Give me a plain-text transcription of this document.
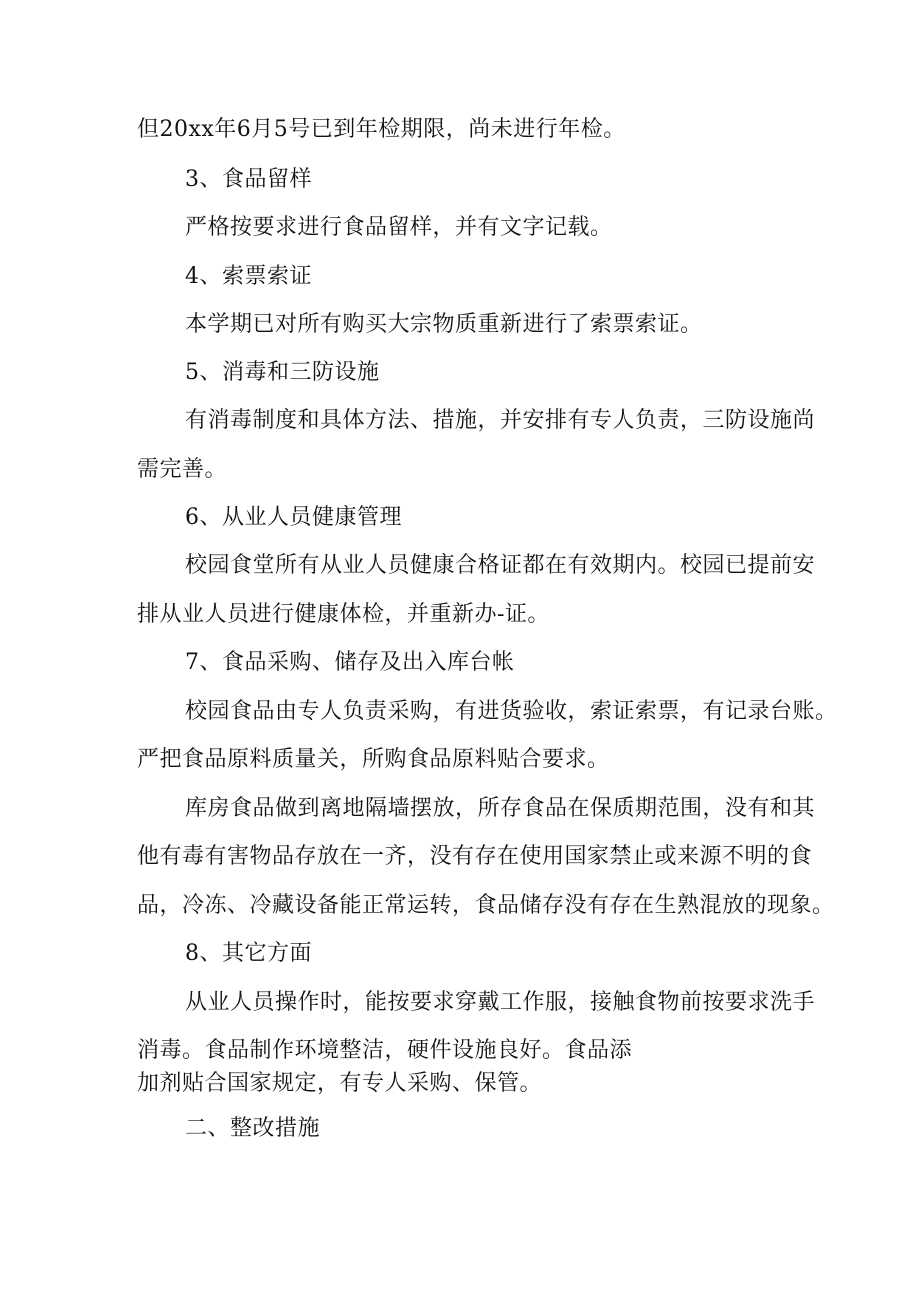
但20xx年6月5号已到年检期限，尚未进行年检。
3、食品留样
严格按要求进行食品留样，并有文字记载。
4、索票索证
本学期已对所有购买大宗物质重新进行了索票索证。
5、消毒和三防设施
有消毒制度和具体方法、措施，并安排有专人负责，三防设施尚
需完善。
6、从业人员健康管理
校园食堂所有从业人员健康合格证都在有效期内。校园已提前安
排从业人员进行健康体检，并重新办-证。
7、食品采购、储存及出入库台帐
校园食品由专人负责采购，有进货验收，索证索票，有记录台账。
严把食品原料质量关，所购食品原料贴合要求。
库房食品做到离地隔墙摆放，所存食品在保质期范围，没有和其
他有毒有害物品存放在一齐，没有存在使用国家禁止或来源不明的食
品，冷冻、冷藏设备能正常运转，食品储存没有存在生熟混放的现象。
8、其它方面
从业人员操作时，能按要求穿戴工作服，接触食物前按要求洗手
消毒。食品制作环境整洁，硬件设施良好。食品添
加剂贴合国家规定，有专人采购、保管。
二、整改措施
